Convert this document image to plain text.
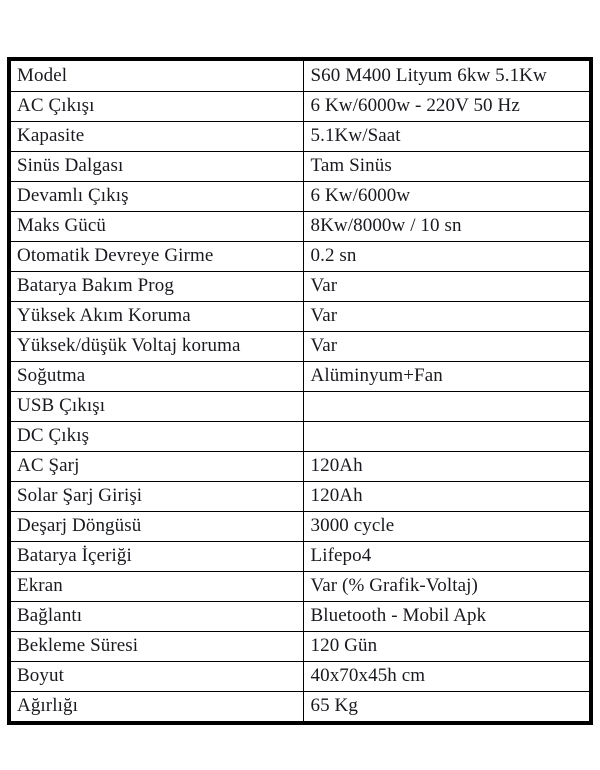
Model	S60 M400 Lityum 6kw 5.1Kw
AC Çıkışı	6 Kw/6000w - 220V 50 Hz
Kapasite	5.1Kw/Saat
Sinüs Dalgası	Tam Sinüs
Devamlı Çıkış	6 Kw/6000w
Maks Gücü	8Kw/8000w / 10 sn
Otomatik Devreye Girme	0.2 sn
Batarya Bakım Prog	Var
Yüksek Akım Koruma	Var
Yüksek/düşük Voltaj koruma	Var
Soğutma	Alüminyum+Fan
USB Çıkışı	
DC Çıkış	
AC Şarj	120Ah
Solar Şarj Girişi	120Ah
Deşarj Döngüsü	3000 cycle
Batarya İçeriği	Lifepo4
Ekran	Var (% Grafik-Voltaj)
Bağlantı	Bluetooth - Mobil Apk
Bekleme Süresi	120 Gün
Boyut	40x70x45h cm
Ağırlığı	65 Kg
